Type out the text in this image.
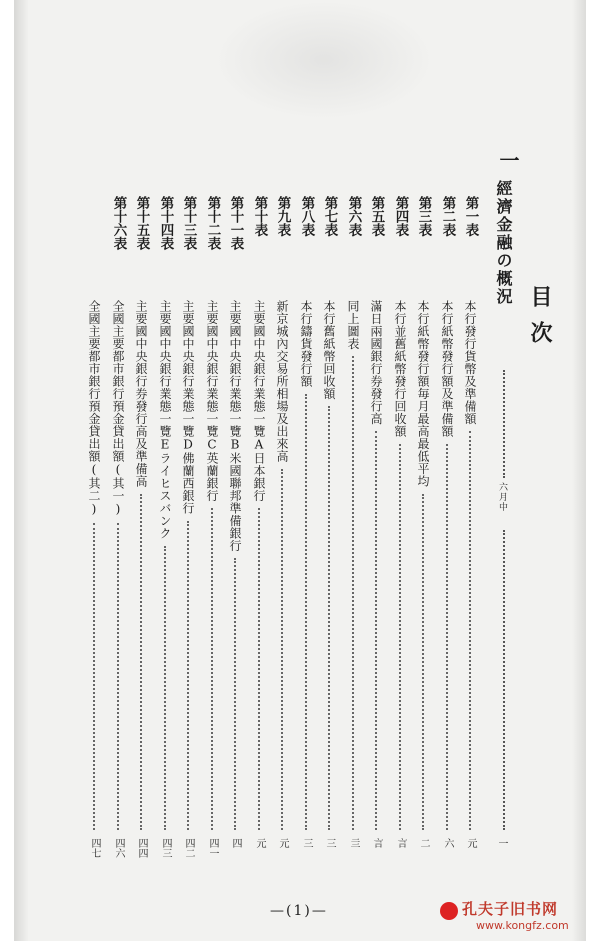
目次
一
經濟金融の概況
六月中
一
第一表
本行發行貨幣及準備額
元
第二表
本行紙幣發行額及準備額
六
第三表
本行紙幣發行額毎月最高最低平均
二
第四表
本行並舊紙幣發行回收額
言
第五表
滿日兩國銀行券發行高
言
第六表
同上圖表
亖
第七表
本行舊紙幣回收額
三
第八表
本行鑄貨發行額
三
第九表
新京城內交易所相場及出來高
元
第十表
主要國中央銀行業態一覽A日本銀行
元
第十一表
主要國中央銀行業態一覽B米國聯邦準備銀行
四
第十二表
主要國中央銀行業態一覽C英蘭銀行
四一
第十三表
主要國中央銀行業態一覽D佛蘭西銀行
四二
第十四表
主要國中央銀行業態一覽Eライヒスバンク
四三
第十五表
主要國中央銀行券發行高及準備高
四四
第十六表
全國主要都市銀行預金貸出額(其一)
四六
全國主要都市銀行預金貸出額(其二)
四七
—(1)—	孔夫子旧书网
www.kongfz.com
